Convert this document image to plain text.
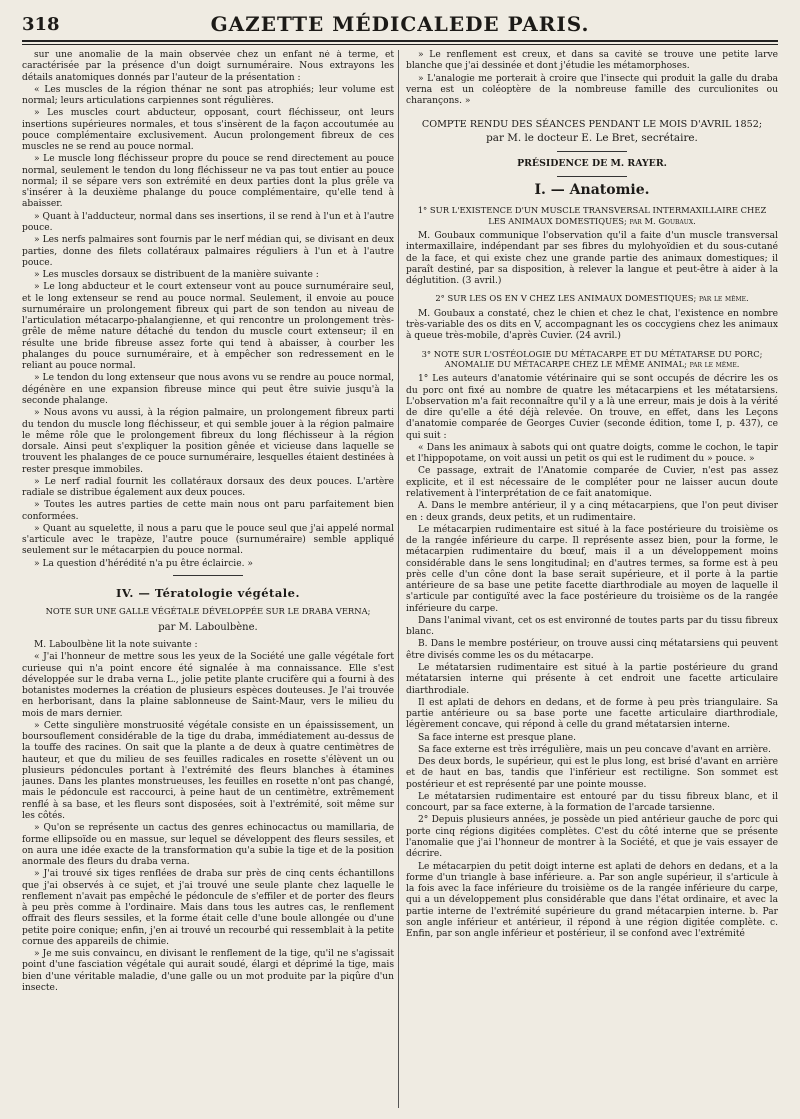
318	GAZETTE MÉDICALEDE PARIS.

sur une anomalie de la main observée chez un enfant né à terme, et caractérisée par la présence d'un doigt surnuméraire. Nous extrayons les détails anatomiques donnés par l'auteur de la présentation :

« Les muscles de la région thénar ne sont pas atrophiés; leur volume est normal; leurs articulations carpiennes sont régulières.

» Les muscles court abducteur, opposant, court fléchisseur, ont leurs insertions supérieures normales, et tous s'insèrent de la façon accoutumée au pouce complémentaire exclusivement. Aucun prolongement fibreux de ces muscles ne se rend au pouce normal.

» Le muscle long fléchisseur propre du pouce se rend directement au pouce normal, seulement le tendon du long fléchisseur ne va pas tout entier au pouce normal; il se sépare vers son extrémité en deux parties dont la plus grêle va s'insérer à la deuxième phalange du pouce complémentaire, qu'elle tend à abaisser.

» Quant à l'adducteur, normal dans ses insertions, il se rend à l'un et à l'autre pouce.

» Les nerfs palmaires sont fournis par le nerf médian qui, se divisant en deux parties, donne des filets collatéraux palmaires réguliers à l'un et à l'autre pouce.

» Les muscles dorsaux se distribuent de la manière suivante :

» Le long abducteur et le court extenseur vont au pouce surnuméraire seul, et le long extenseur se rend au pouce normal. Seulement, il envoie au pouce surnuméraire un prolongement fibreux qui part de son tendon au niveau de l'articulation métacarpo-phalangienne, et qui rencontre un prolongement très-grêle de même nature détaché du tendon du muscle court extenseur; il en résulte une bride fibreuse assez forte qui tend à abaisser, à courber les phalanges du pouce surnuméraire, et à empêcher son redressement en le reliant au pouce normal.

» Le tendon du long extenseur que nous avons vu se rendre au pouce normal, dégénère en une expansion fibreuse mince qui peut être suivie jusqu'à la seconde phalange.

» Nous avons vu aussi, à la région palmaire, un prolongement fibreux parti du tendon du muscle long fléchisseur, et qui semble jouer à la région palmaire le même rôle que le prolongement fibreux du long fléchisseur à la région dorsale. Ainsi peut s'expliquer la position gênée et vicieuse dans laquelle se trouvent les phalanges de ce pouce surnuméraire, lesquelles étaient destinées à rester presque immobiles.

» Le nerf radial fournit les collatéraux dorsaux des deux pouces. L'artère radiale se distribue également aux deux pouces.

» Toutes les autres parties de cette main nous ont paru parfaitement bien conformées.

» Quant au squelette, il nous a paru que le pouce seul que j'ai appelé normal s'articule avec le trapèze, l'autre pouce (surnuméraire) semble appliqué seulement sur le métacarpien du pouce normal.

» La question d'hérédité n'a pu être éclaircie. »

IV. — Tératologie végétale.
NOTE SUR UNE GALLE VÉGÉTALE DÉVELOPPÉE SUR LE DRABA VERNA;
par M. Laboulbène.

M. Laboulbène lit la note suivante :

« J'ai l'honneur de mettre sous les yeux de la Société une galle végétale fort curieuse qui n'a point encore été signalée à ma connaissance. Elle s'est développée sur le draba verna L., jolie petite plante crucifère qui a fourni à des botanistes modernes la création de plusieurs espèces douteuses. Je l'ai trouvée en herborisant, dans la plaine sablonneuse de Saint-Maur, vers le milieu du mois de mars dernier.

» Cette singulière monstruosité végétale consiste en un épaississement, un boursouflement considérable de la tige du draba, immédiatement au-dessus de la touffe des racines. On sait que la plante a de deux à quatre centimètres de hauteur, et que du milieu de ses feuilles radicales en rosette s'élèvent un ou plusieurs pédoncules portant à l'extrémité des fleurs blanches à étamines jaunes. Dans les plantes monstrueuses, les feuilles en rosette n'ont pas changé, mais le pédoncule est raccourci, à peine haut de un centimètre, extrêmement renflé à sa base, et les fleurs sont disposées, soit à l'extrémité, soit même sur les côtés.

» Qu'on se représente un cactus des genres echinocactus ou mamillaria, de forme ellipsoïde ou en massue, sur lequel se développent des fleurs sessiles, et on aura une idée exacte de la transformation qu'a subie la tige et de la position anormale des fleurs du draba verna.

» J'ai trouvé six tiges renflées de draba sur près de cinq cents échantillons que j'ai observés à ce sujet, et j'ai trouvé une seule plante chez laquelle le renflement n'avait pas empêché le pédoncule de s'effiler et de porter des fleurs à peu près comme à l'ordinaire. Mais dans tous les autres cas, le renflement offrait des fleurs sessiles, et la forme était celle d'une boule allongée ou d'une petite poire conique; enfin, j'en ai trouvé un recourbé qui ressemblait à la petite cornue des appareils de chimie.

» Je me suis convaincu, en divisant le renflement de la tige, qu'il ne s'agissait point d'une fasciation végétale qui aurait soudé, élargi et déprimé la tige, mais bien d'une véritable maladie, d'une galle ou un mot produite par la piqûre d'un insecte.

» Le renflement est creux, et dans sa cavité se trouve une petite larve blanche que j'ai dessinée et dont j'étudie les métamorphoses.

» L'analogie me porterait à croire que l'insecte qui produit la galle du draba verna est un coléoptère de la nombreuse famille des curculionites ou charançons. »

COMPTE RENDU DES SÉANCES PENDANT LE MOIS D'AVRIL 1852;
par M. le docteur E. Le Bret, secrétaire.
PRÉSIDENCE DE M. RAYER.
I. — Anatomie.
1° SUR L'EXISTENCE D'UN MUSCLE TRANSVERSAL INTERMAXILLAIRE CHEZ LES ANIMAUX DOMESTIQUES; par M. Goubaux.

M. Goubaux communique l'observation qu'il a faite d'un muscle transversal intermaxillaire, indépendant par ses fibres du mylohyoïdien et du sous-cutané de la face, et qui existe chez une grande partie des animaux domestiques; il paraît destiné, par sa disposition, à relever la langue et peut-être à aider à la déglutition. (3 avril.)

2° SUR LES OS EN V CHEZ LES ANIMAUX DOMESTIQUES; par le même.

M. Goubaux a constaté, chez le chien et chez le chat, l'existence en nombre très-variable des os dits en V, accompagnant les os coccygiens chez les animaux à queue très-mobile, d'après Cuvier. (24 avril.)

3° NOTE SUR L'OSTÉOLOGIE DU MÉTACARPE ET DU MÉTATARSE DU PORC; ANOMALIE DU MÉTACARPE CHEZ LE MÊME ANIMAL; par le même.

1° Les auteurs d'anatomie vétérinaire qui se sont occupés de décrire les os du porc ont fixé au nombre de quatre les métacarpiens et les métatarsiens. L'observation m'a fait reconnaître qu'il y a là une erreur, mais je dois à la vérité de dire qu'elle a été déjà relevée. On trouve, en effet, dans les Leçons d'anatomie comparée de Georges Cuvier (seconde édition, tome I, p. 437), ce qui suit :

« Dans les animaux à sabots qui ont quatre doigts, comme le cochon, le tapir et l'hippopotame, on voit aussi un petit os qui est le rudiment du » pouce. »

Ce passage, extrait de l'Anatomie comparée de Cuvier, n'est pas assez explicite, et il est nécessaire de le compléter pour ne laisser aucun doute relativement à l'interprétation de ce fait anatomique.

A. Dans le membre antérieur, il y a cinq métacarpiens, que l'on peut diviser en : deux grands, deux petits, et un rudimentaire.

Le métacarpien rudimentaire est situé à la face postérieure du troisième os de la rangée inférieure du carpe. Il représente assez bien, pour la forme, le métacarpien rudimentaire du bœuf, mais il a un développement moins considérable dans le sens longitudinal; en d'autres termes, sa forme est à peu près celle d'un cône dont la base serait supérieure, et il porte à la partie antérieure de sa base une petite facette diarthrodiale au moyen de laquelle il s'articule par contiguïté avec la face postérieure du troisième os de la rangée inférieure du carpe.

Dans l'animal vivant, cet os est environné de toutes parts par du tissu fibreux blanc.

B. Dans le membre postérieur, on trouve aussi cinq métatarsiens qui peuvent être divisés comme les os du métacarpe.

Le métatarsien rudimentaire est situé à la partie postérieure du grand métatarsien interne qui présente à cet endroit une facette articulaire diarthrodiale.

Il est aplati de dehors en dedans, et de forme à peu près triangulaire. Sa partie antérieure ou sa base porte une facette articulaire diarthrodiale, légèrement concave, qui répond à celle du grand métatarsien interne.

Sa face interne est presque plane.

Sa face externe est très irrégulière, mais un peu concave d'avant en arrière.

Des deux bords, le supérieur, qui est le plus long, est brisé d'avant en arrière et de haut en bas, tandis que l'inférieur est rectiligne. Son sommet est postérieur et est représenté par une pointe mousse.

Le métatarsien rudimentaire est entouré par du tissu fibreux blanc, et il concourt, par sa face externe, à la formation de l'arcade tarsienne.

2° Depuis plusieurs années, je possède un pied antérieur gauche de porc qui porte cinq régions digitées complètes. C'est du côté interne que se présente l'anomalie que j'ai l'honneur de montrer à la Société, et que je vais essayer de décrire.

Le métacarpien du petit doigt interne est aplati de dehors en dedans, et a la forme d'un triangle à base inférieure. a. Par son angle supérieur, il s'articule à la fois avec la face inférieure du troisième os de la rangée inférieure du carpe, qui a un développement plus considérable que dans l'état ordinaire, et avec la partie interne de l'extrémité supérieure du grand métacarpien interne. b. Par son angle inférieur et antérieur, il répond à une région digitée complète. c. Enfin, par son angle inférieur et postérieur, il se confond avec l'extrémité
